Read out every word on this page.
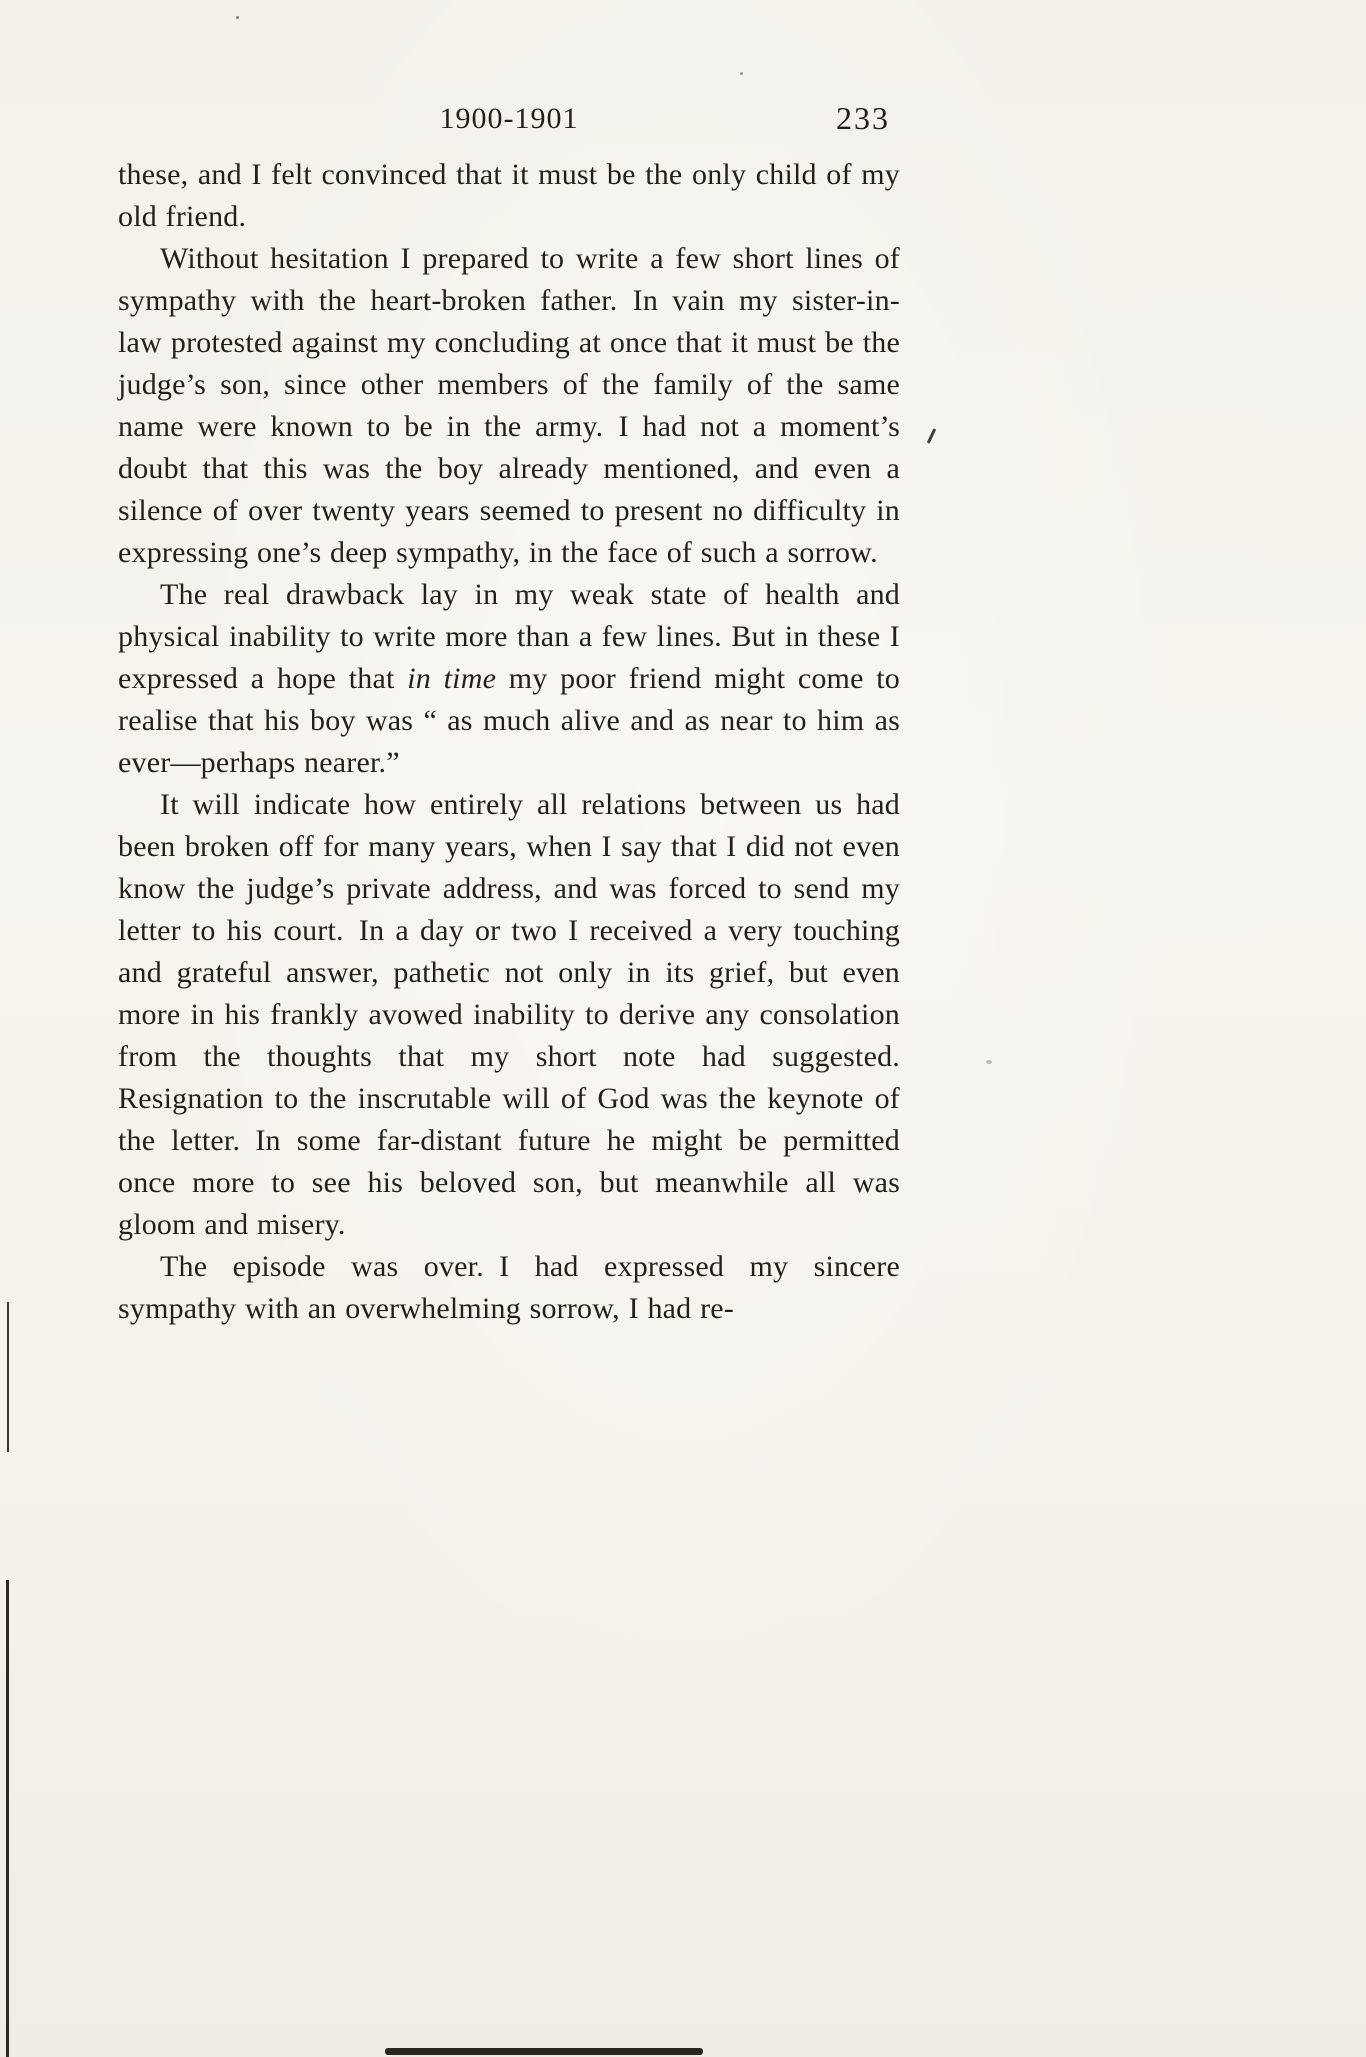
1900-1901	233

these, and I felt convinced that it must be the only child of my old friend.

Without hesitation I prepared to write a few short lines of sympathy with the heart-broken father. In vain my sister-in-law protested against my concluding at once that it must be the judge’s son, since other members of the family of the same name were known to be in the army. I had not a moment’s doubt that this was the boy already mentioned, and even a silence of over twenty years seemed to present no difficulty in expressing one’s deep sympathy, in the face of such a sorrow.

The real drawback lay in my weak state of health and physical inability to write more than a few lines. But in these I expressed a hope that in time my poor friend might come to realise that his boy was “ as much alive and as near to him as ever—perhaps nearer.”

It will indicate how entirely all relations between us had been broken off for many years, when I say that I did not even know the judge’s private address, and was forced to send my letter to his court. In a day or two I received a very touching and grateful answer, pathetic not only in its grief, but even more in his frankly avowed inability to derive any consolation from the thoughts that my short note had suggested. Resignation to the inscrutable will of God was the keynote of the letter. In some far-distant future he might be permitted once more to see his beloved son, but meanwhile all was gloom and misery.

The episode was over. I had expressed my sincere sympathy with an overwhelming sorrow, I had re-
